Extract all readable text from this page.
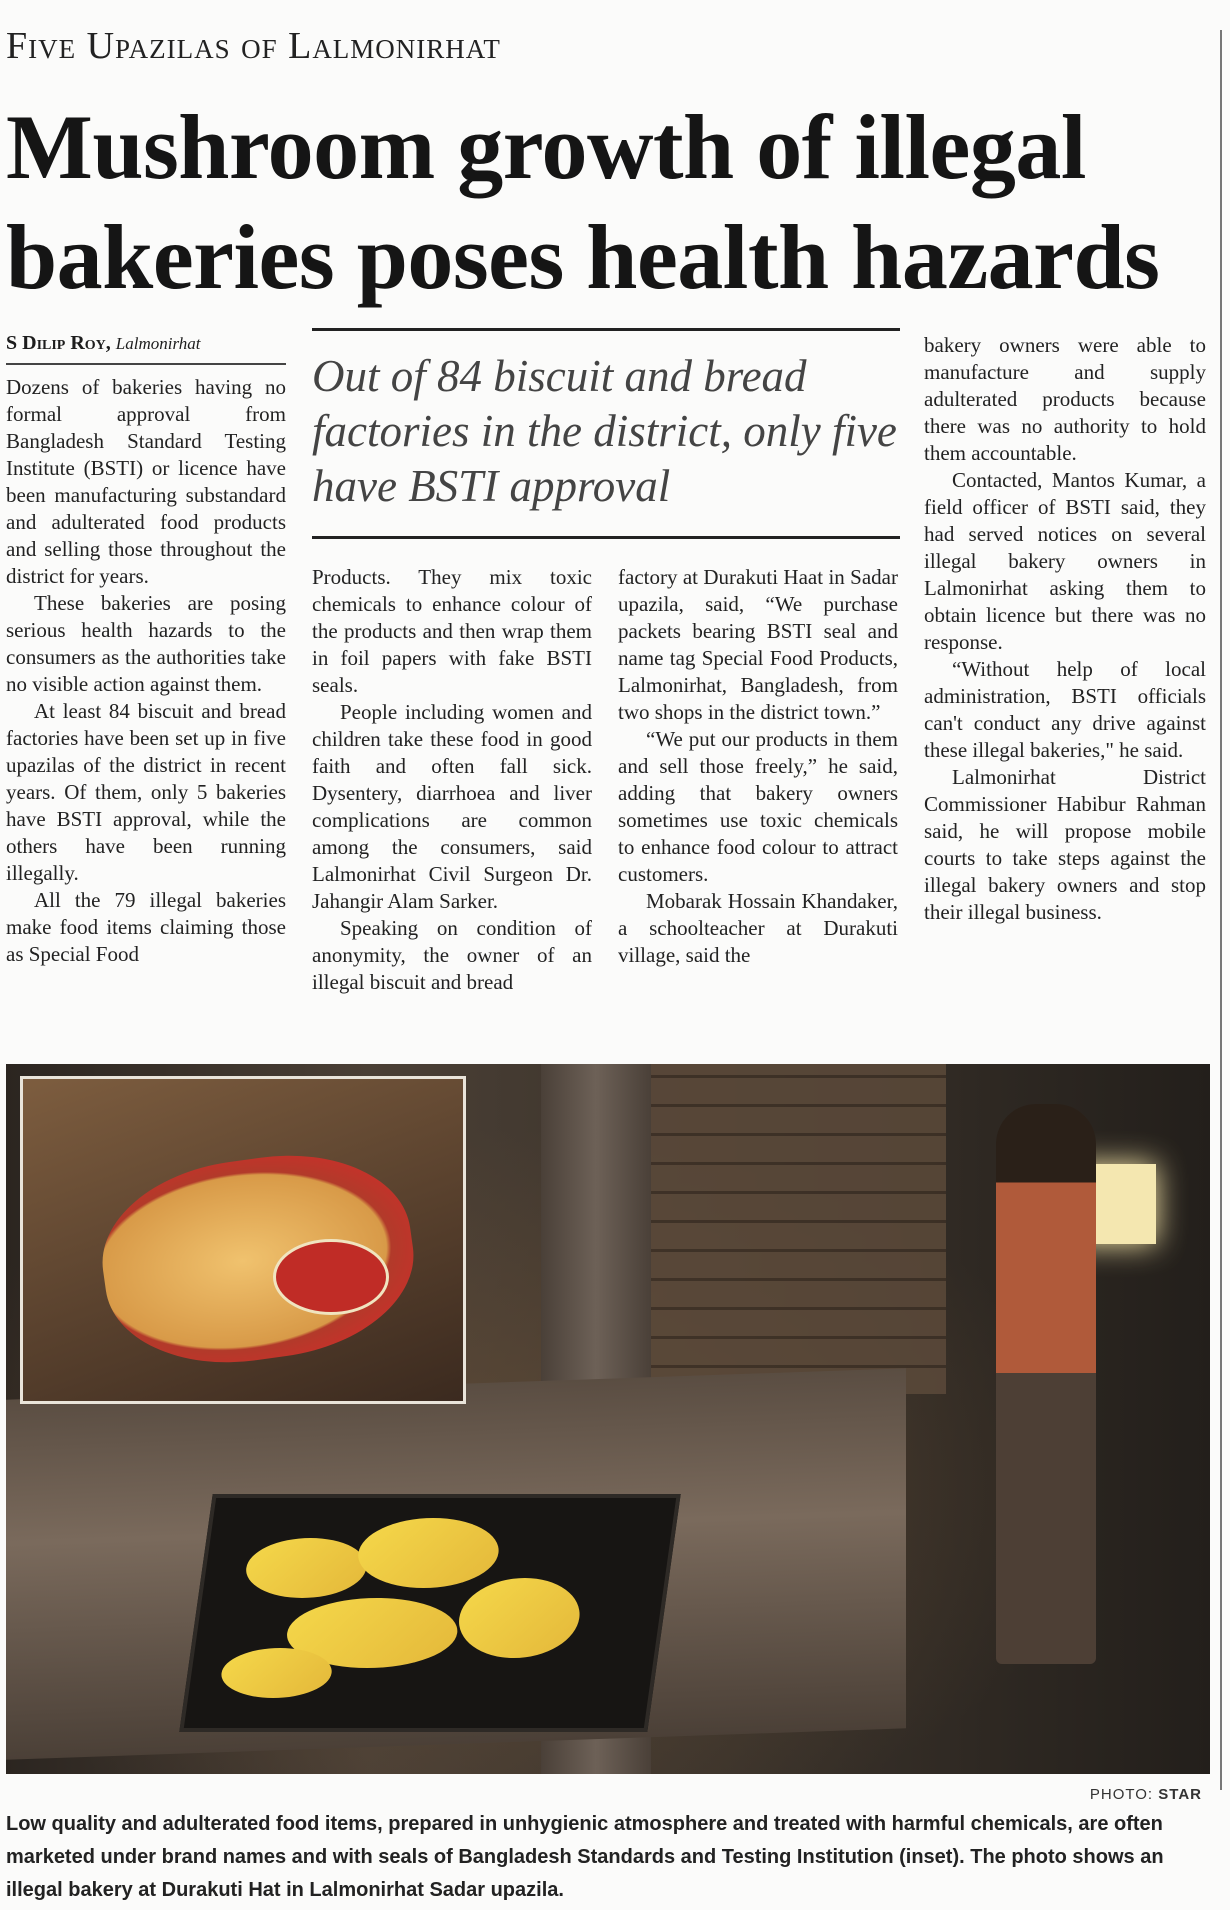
Five Upazilas of Lalmonirhat
Mushroom growth of illegal bakeries poses health hazards
S Dilip Roy, Lalmonirhat

Dozens of bakeries having no formal approval from Bangladesh Standard Testing Institute (BSTI) or licence have been manufacturing substandard and adulterated food products and selling those throughout the district for years.

These bakeries are posing serious health hazards to the consumers as the authorities take no visible action against them.

At least 84 biscuit and bread factories have been set up in five upazilas of the district in recent years. Of them, only 5 bakeries have BSTI approval, while the others have been running illegally.

All the 79 illegal bakeries make food items claiming those as Special Food

Out of 84 biscuit and bread factories in the district, only five have BSTI approval

Products. They mix toxic chemicals to enhance colour of the products and then wrap them in foil papers with fake BSTI seals.

People including women and children take these food in good faith and often fall sick. Dysentery, diarrhoea and liver complications are common among the consumers, said Lalmonirhat Civil Surgeon Dr. Jahangir Alam Sarker.

Speaking on condition of anonymity, the owner of an illegal biscuit and bread

factory at Durakuti Haat in Sadar upazila, said, “We purchase packets bearing BSTI seal and name tag Special Food Products, Lalmonirhat, Bangladesh, from two shops in the district town.”

“We put our products in them and sell those freely,” he said, adding that bakery owners sometimes use toxic chemicals to enhance food colour to attract customers.

Mobarak Hossain Khandaker, a schoolteacher at Durakuti village, said the

bakery owners were able to manufacture and supply adulterated products because there was no authority to hold them accountable.

Contacted, Mantos Kumar, a field officer of BSTI said, they had served notices on several illegal bakery owners in Lalmonirhat asking them to obtain licence but there was no response.

“Without help of local administration, BSTI officials can't conduct any drive against these illegal bakeries," he said.

Lalmonirhat District Commissioner Habibur Rahman said, he will propose mobile courts to take steps against the illegal bakery owners and stop their illegal business.

PHOTO: STAR
Low quality and adulterated food items, prepared in unhygienic atmosphere and treated with harmful chemicals, are often marketed under brand names and with seals of Bangladesh Standards and Testing Institution (inset). The photo shows an illegal bakery at Durakuti Hat in Lalmonirhat Sadar upazila.
